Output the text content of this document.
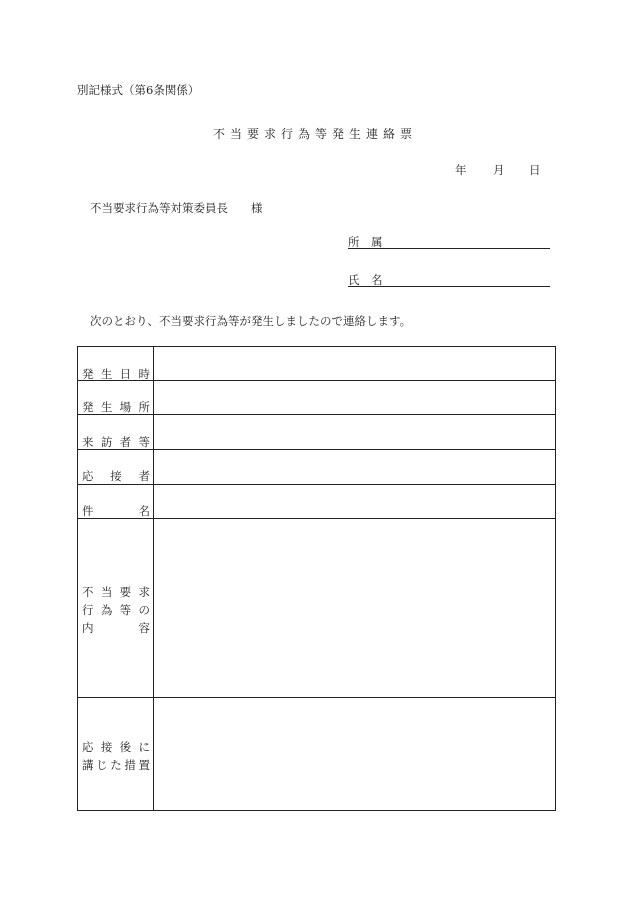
別記様式（第6条関係）
不当要求行為等発生連絡票
年 月 日
不当要求行為等対策委員長　　様
所　属
氏　名
次のとおり、不当要求行為等が発生しましたので連絡します。
発 生 日 時
発 生 場 所
来 訪 者 等
応 接 者
件	名
不 当 要 求
行 為 等 の
内	容
応 接 後 に
講 じ た 措 置
